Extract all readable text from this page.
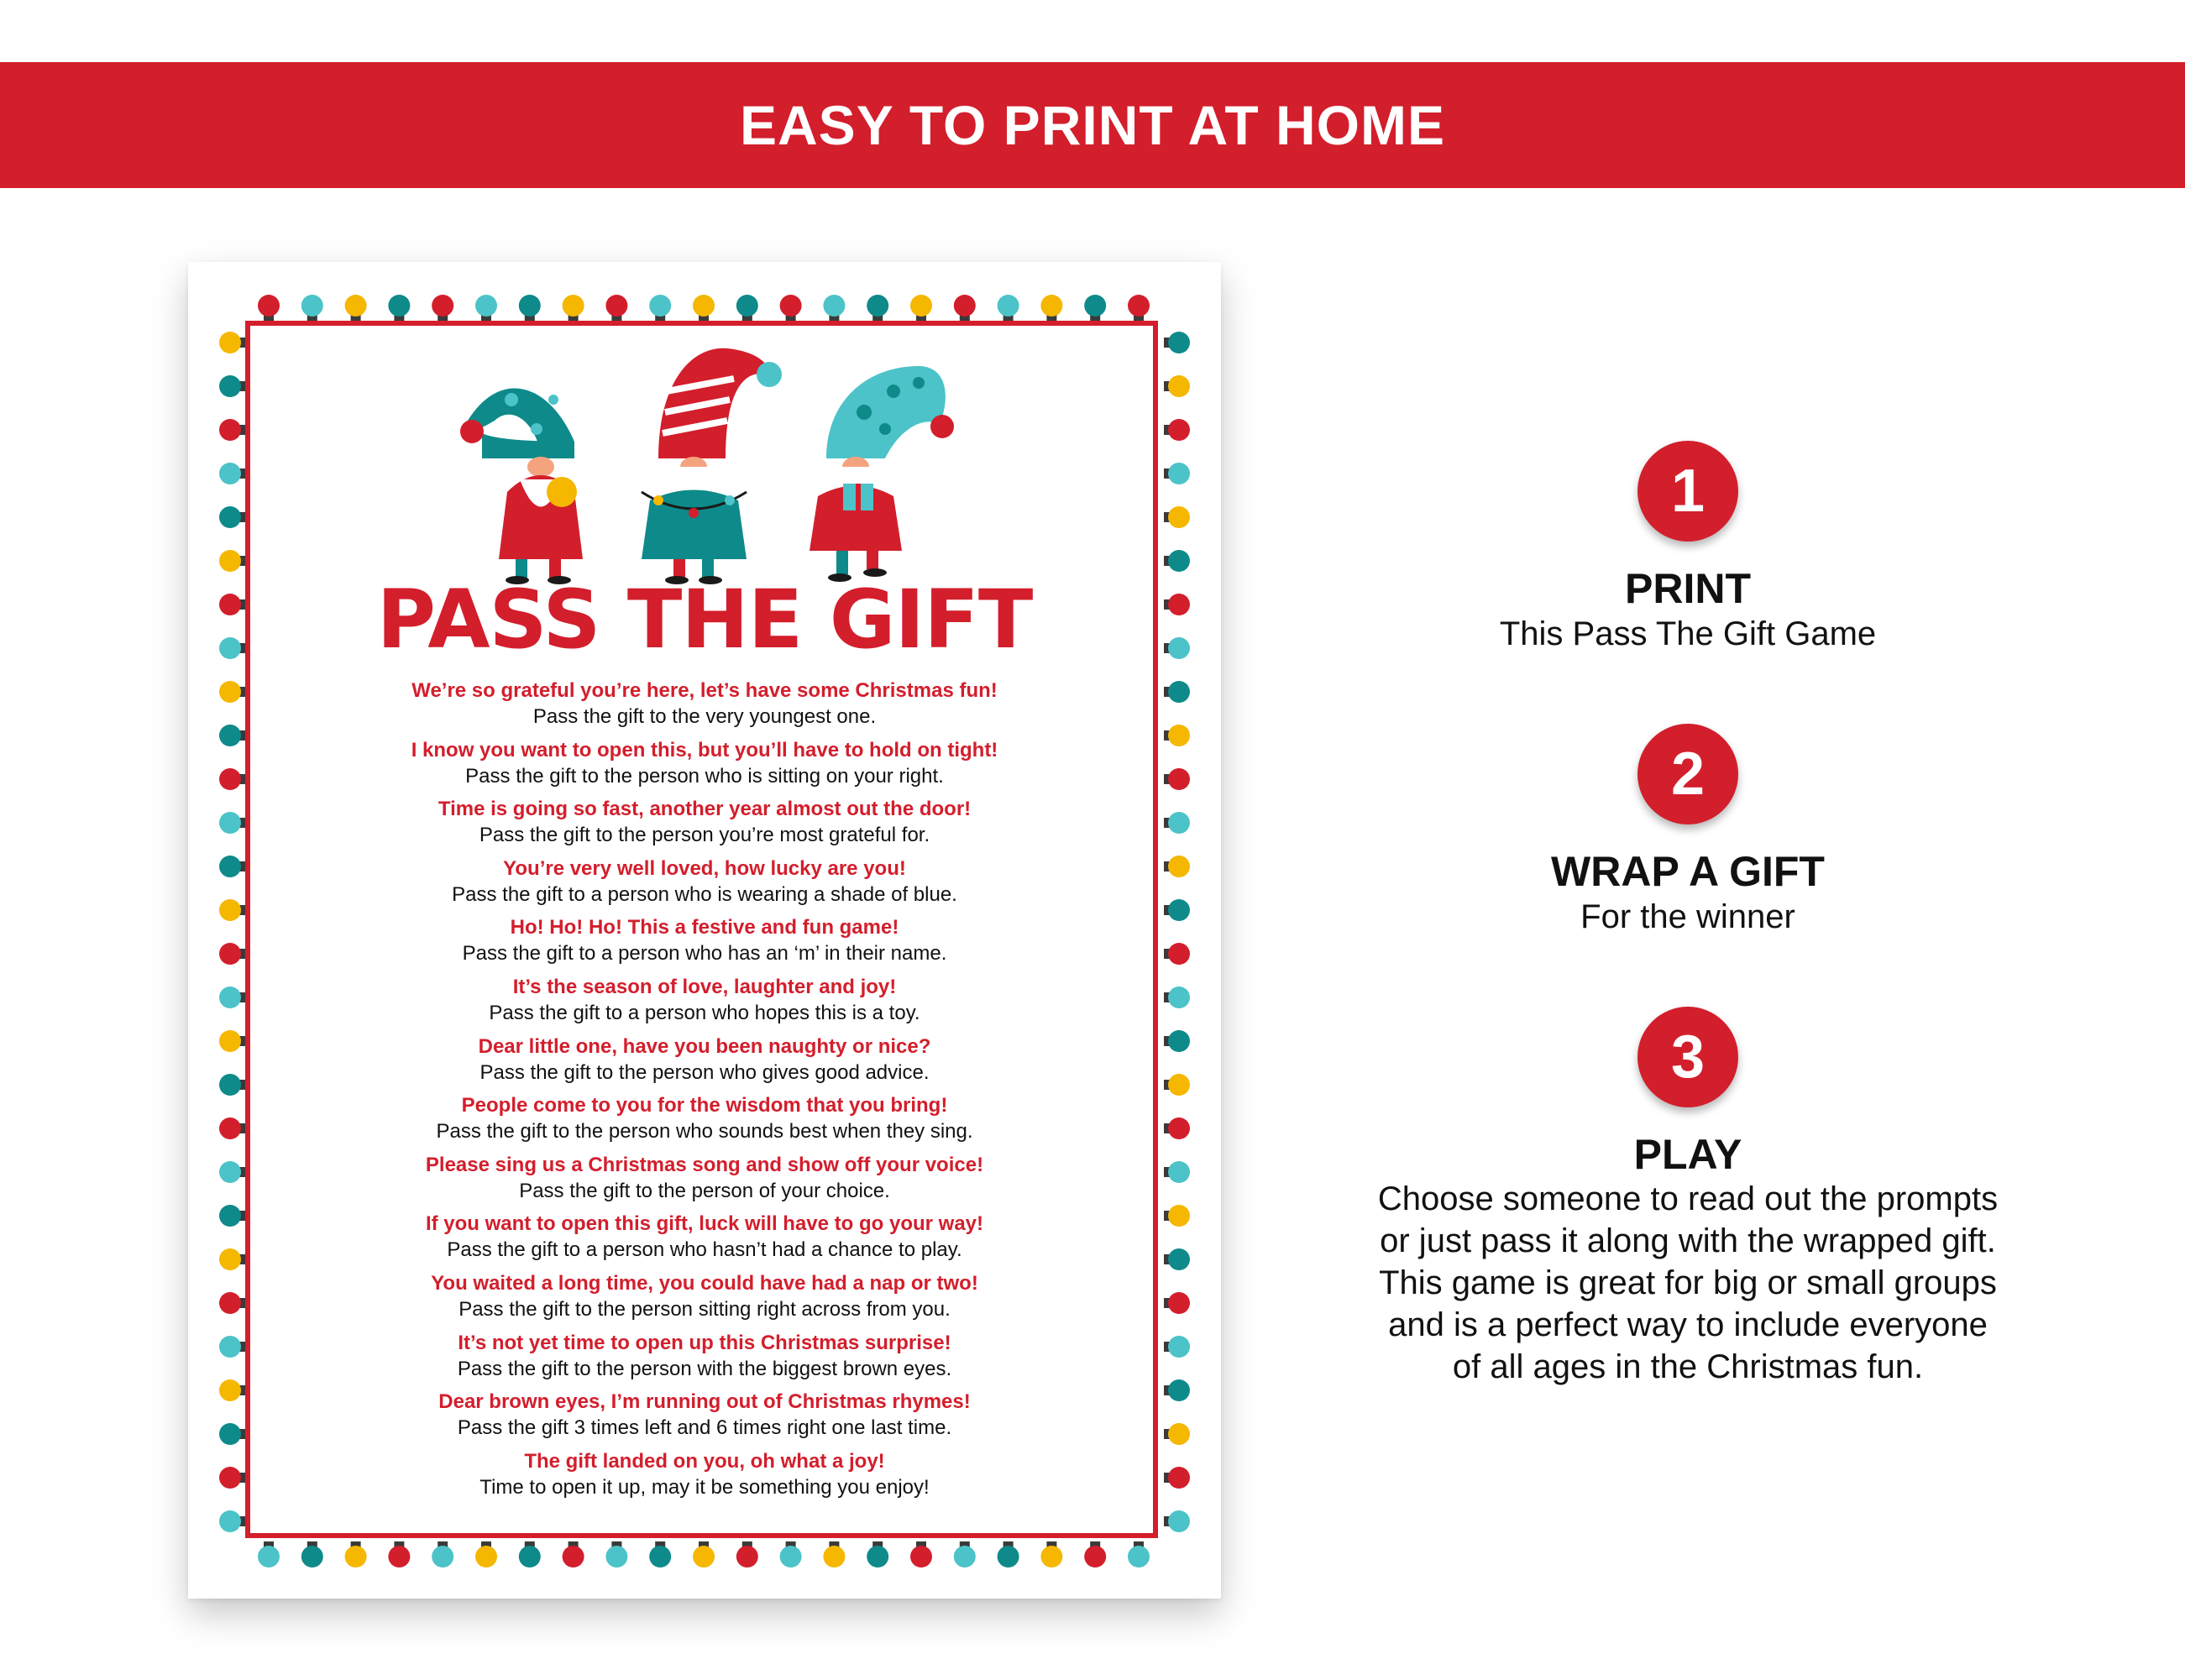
EASY TO PRINT AT HOME
PASS THE GIFT
We’re so grateful you’re here, let’s have some Christmas fun!
Pass the gift to the very youngest one.
I know you want to open this, but you’ll have to hold on tight!
Pass the gift to the person who is sitting on your right.
Time is going so fast, another year almost out the door!
Pass the gift to the person you’re most grateful for.
You’re very well loved, how lucky are you!
Pass the gift to a person who is wearing a shade of blue.
Ho! Ho! Ho! This a festive and fun game!
Pass the gift to a person who has an ‘m’ in their name.
It’s the season of love, laughter and joy!
Pass the gift to a person who hopes this is a toy.
Dear little one, have you been naughty or nice?
Pass the gift to the person who gives good advice.
People come to you for the wisdom that you bring!
Pass the gift to the person who sounds best when they sing.
Please sing us a Christmas song and show off your voice!
Pass the gift to the person of your choice.
If you want to open this gift, luck will have to go your way!
Pass the gift to a person who hasn’t had a chance to play.
You waited a long time, you could have had a nap or two!
Pass the gift to the person sitting right across from you.
It’s not yet time to open up this Christmas surprise!
Pass the gift to the person with the biggest brown eyes.
Dear brown eyes, I’m running out of Christmas rhymes!
Pass the gift 3 times left and 6 times right one last time.
The gift landed on you, oh what a joy!
Time to open it up, may it be something you enjoy!
1
PRINT
This Pass The Gift Game
2
WRAP A GIFT
For the winner
3
PLAY
Choose someone to read out the prompts
or just pass it along with the wrapped gift.
This game is great for big or small groups
and is a perfect way to include everyone
of all ages in the Christmas fun.
